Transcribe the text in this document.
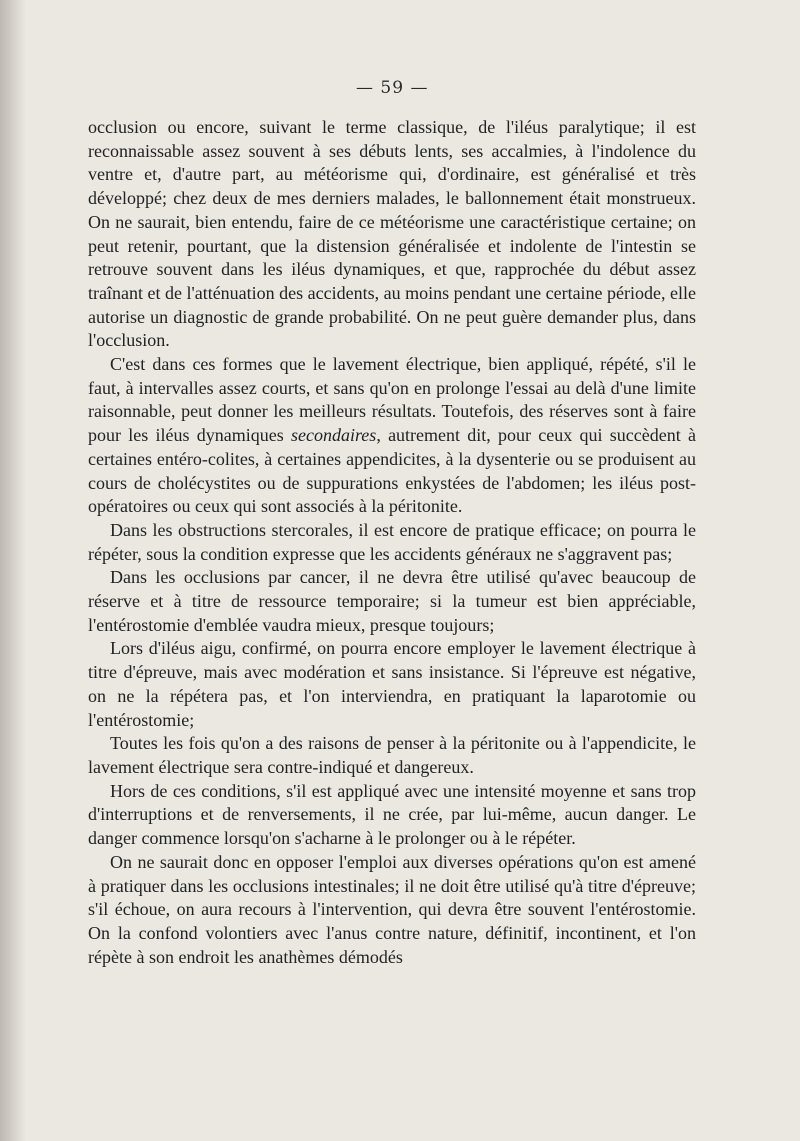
— 59 —

occlusion ou encore, suivant le terme classique, de l'iléus paralytique; il est reconnaissable assez souvent à ses débuts lents, ses accalmies, à l'indolence du ventre et, d'autre part, au météorisme qui, d'ordinaire, est généralisé et très développé; chez deux de mes derniers malades, le ballonnement était monstrueux. On ne saurait, bien entendu, faire de ce météorisme une caractéristique certaine; on peut retenir, pourtant, que la distension généralisée et indolente de l'intestin se retrouve souvent dans les iléus dynamiques, et que, rapprochée du début assez traînant et de l'atténuation des accidents, au moins pendant une certaine période, elle autorise un diagnostic de grande probabilité. On ne peut guère demander plus, dans l'occlusion.

C'est dans ces formes que le lavement électrique, bien appliqué, répété, s'il le faut, à intervalles assez courts, et sans qu'on en prolonge l'essai au delà d'une limite raisonnable, peut donner les meilleurs résultats. Toutefois, des réserves sont à faire pour les iléus dynamiques secondaires, autrement dit, pour ceux qui succèdent à certaines entéro-colites, à certaines appendicites, à la dysenterie ou se produisent au cours de cholécystites ou de suppurations enkystées de l'abdomen; les iléus post-opératoires ou ceux qui sont associés à la péritonite.

Dans les obstructions stercorales, il est encore de pratique efficace; on pourra le répéter, sous la condition expresse que les accidents généraux ne s'aggravent pas;

Dans les occlusions par cancer, il ne devra être utilisé qu'avec beaucoup de réserve et à titre de ressource temporaire; si la tumeur est bien appréciable, l'entérostomie d'emblée vaudra mieux, presque toujours;

Lors d'iléus aigu, confirmé, on pourra encore employer le lavement électrique à titre d'épreuve, mais avec modération et sans insistance. Si l'épreuve est négative, on ne la répétera pas, et l'on interviendra, en pratiquant la laparotomie ou l'entérostomie;

Toutes les fois qu'on a des raisons de penser à la péritonite ou à l'appendicite, le lavement électrique sera contre-indiqué et dangereux.

Hors de ces conditions, s'il est appliqué avec une intensité moyenne et sans trop d'interruptions et de renversements, il ne crée, par lui-même, aucun danger. Le danger commence lorsqu'on s'acharne à le prolonger ou à le répéter.

On ne saurait donc en opposer l'emploi aux diverses opérations qu'on est amené à pratiquer dans les occlusions intestinales; il ne doit être utilisé qu'à titre d'épreuve; s'il échoue, on aura recours à l'intervention, qui devra être souvent l'entérostomie. On la confond volontiers avec l'anus contre nature, définitif, incontinent, et l'on répète à son endroit les anathèmes démodés
